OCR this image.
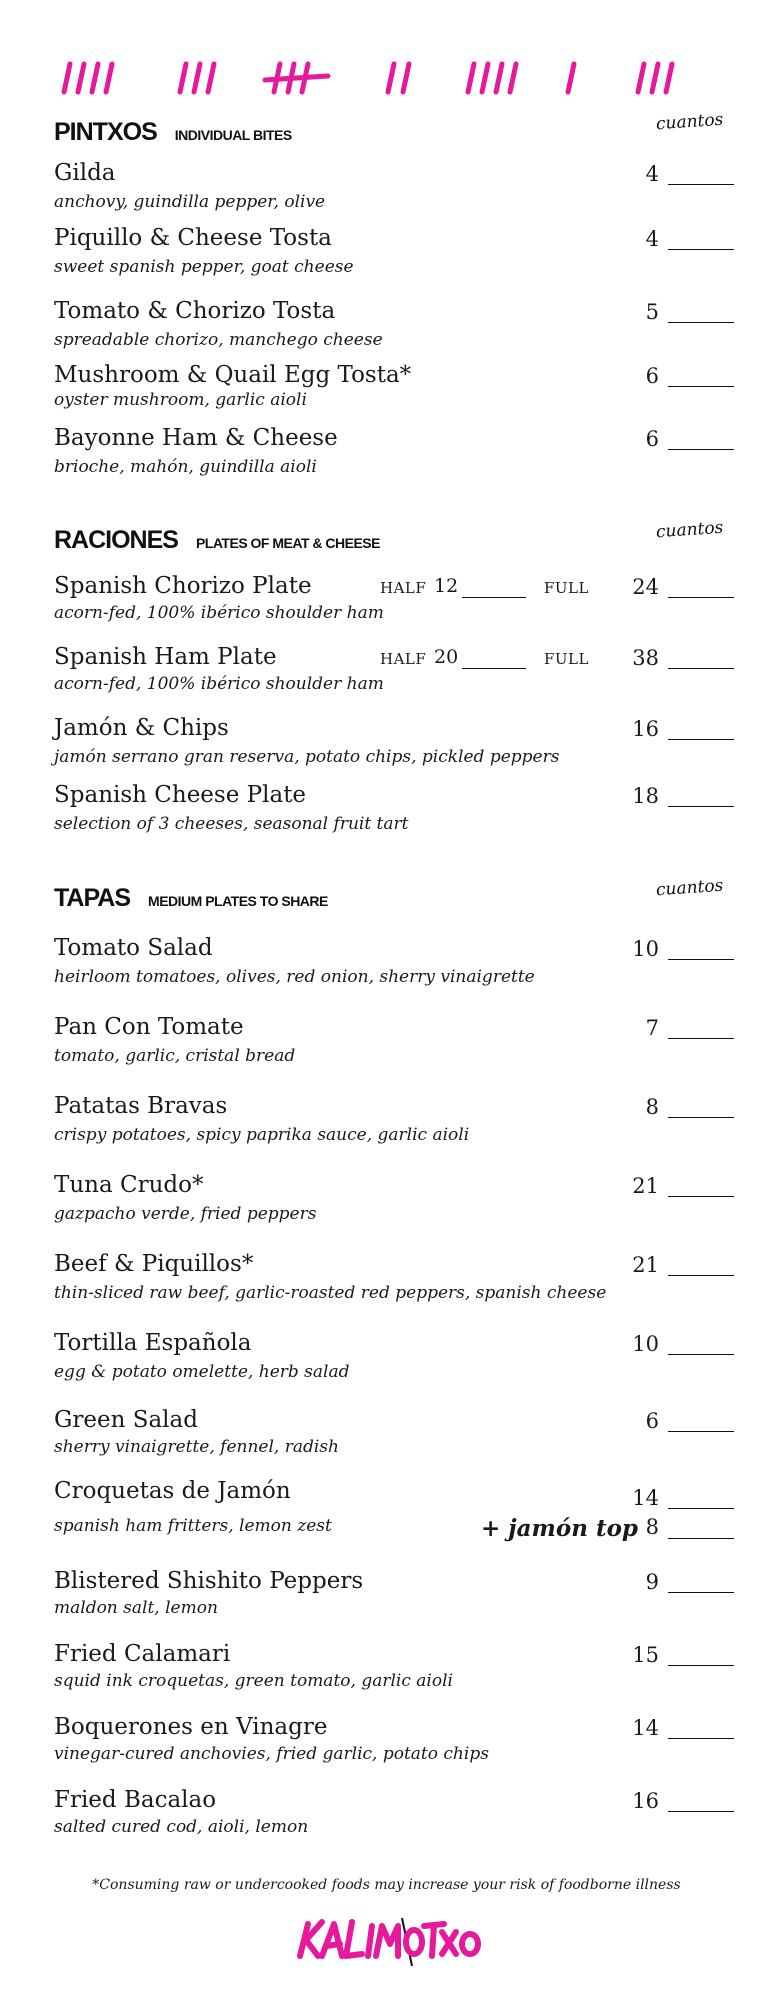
PINTXOS INDIVIDUAL BITES
cuantos
Gilda
anchovy, guindilla pepper, olive
4
Piquillo & Cheese Tosta
sweet spanish pepper, goat cheese
4
Tomato & Chorizo Tosta
spreadable chorizo, manchego cheese
5
Mushroom & Quail Egg Tosta*
oyster mushroom, garlic aioli
6
Bayonne Ham & Cheese
brioche, mahón, guindilla aioli
6
RACIONES PLATES OF MEAT & CHEESE
cuantos
Spanish Chorizo Plate
acorn-fed, 100% ibérico shoulder ham
HALF 12	FULL 24
Spanish Ham Plate
acorn-fed, 100% ibérico shoulder ham
HALF 20	FULL 38
Jamón & Chips
jamón serrano gran reserva, potato chips, pickled peppers
16
Spanish Cheese Plate
selection of 3 cheeses, seasonal fruit tart
18
TAPAS MEDIUM PLATES TO SHARE
cuantos
Tomato Salad
heirloom tomatoes, olives, red onion, sherry vinaigrette
10
Pan Con Tomate
tomato, garlic, cristal bread
7
Patatas Bravas
crispy potatoes, spicy paprika sauce, garlic aioli
8
Tuna Crudo*
gazpacho verde, fried peppers
21
Beef & Piquillos*
thin-sliced raw beef, garlic-roasted red peppers, spanish cheese
21
Tortilla Española
egg & potato omelette, herb salad
10
Green Salad
sherry vinaigrette, fennel, radish
6
Croquetas de Jamón
spanish ham fritters, lemon zest
14
+ jamón top 8
Blistered Shishito Peppers
maldon salt, lemon
9
Fried Calamari
squid ink croquetas, green tomato, garlic aioli
15
Boquerones en Vinagre
vinegar-cured anchovies, fried garlic, potato chips
14
Fried Bacalao
salted cured cod, aioli, lemon
16
*Consuming raw or undercooked foods may increase your risk of foodborne illness
